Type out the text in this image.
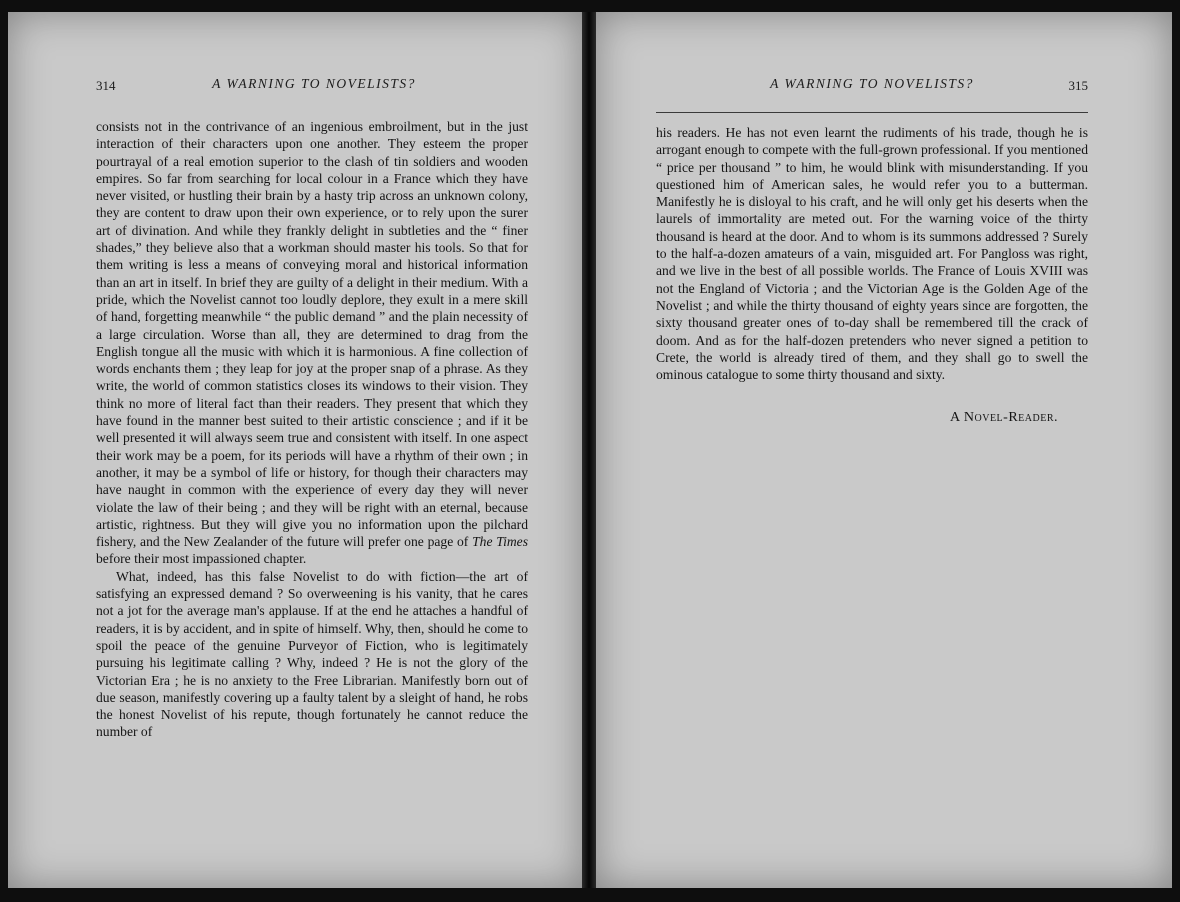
314	A WARNING TO NOVELISTS?

consists not in the contrivance of an ingenious embroilment, but in the just interaction of their characters upon one another. They esteem the proper pourtrayal of a real emotion superior to the clash of tin soldiers and wooden empires. So far from searching for local colour in a France which they have never visited, or hustling their brain by a hasty trip across an unknown colony, they are content to draw upon their own experience, or to rely upon the surer art of divination. And while they frankly delight in subtleties and the “ finer shades,” they believe also that a workman should master his tools. So that for them writing is less a means of conveying moral and historical information than an art in itself. In brief they are guilty of a delight in their medium. With a pride, which the Novelist cannot too loudly deplore, they exult in a mere skill of hand, forgetting meanwhile “ the public demand ” and the plain necessity of a large circulation. Worse than all, they are determined to drag from the English tongue all the music with which it is harmonious. A fine collection of words enchants them ; they leap for joy at the proper snap of a phrase. As they write, the world of common statistics closes its windows to their vision. They think no more of literal fact than their readers. They present that which they have found in the manner best suited to their artistic conscience ; and if it be well presented it will always seem true and consistent with itself. In one aspect their work may be a poem, for its periods will have a rhythm of their own ; in another, it may be a symbol of life or history, for though their characters may have naught in common with the experience of every day they will never violate the law of their being ; and they will be right with an eternal, because artistic, rightness. But they will give you no information upon the pilchard fishery, and the New Zealander of the future will prefer one page of The Times before their most impassioned chapter.

What, indeed, has this false Novelist to do with fiction—the art of satisfying an expressed demand ? So overweening is his vanity, that he cares not a jot for the average man's applause. If at the end he attaches a handful of readers, it is by accident, and in spite of himself. Why, then, should he come to spoil the peace of the genuine Purveyor of Fiction, who is legitimately pursuing his legitimate calling ? Why, indeed ? He is not the glory of the Victorian Era ; he is no anxiety to the Free Librarian. Manifestly born out of due season, manifestly covering up a faulty talent by a sleight of hand, he robs the honest Novelist of his repute, though fortunately he cannot reduce the number of

A WARNING TO NOVELISTS?	315

his readers. He has not even learnt the rudiments of his trade, though he is arrogant enough to compete with the full-grown professional. If you mentioned “ price per thousand ” to him, he would blink with misunderstanding. If you questioned him of American sales, he would refer you to a butterman. Manifestly he is disloyal to his craft, and he will only get his deserts when the laurels of immortality are meted out. For the warning voice of the thirty thousand is heard at the door. And to whom is its summons addressed ? Surely to the half-a-dozen amateurs of a vain, misguided art. For Pangloss was right, and we live in the best of all possible worlds. The France of Louis XVIII was not the England of Victoria ; and the Victorian Age is the Golden Age of the Novelist ; and while the thirty thousand of eighty years since are forgotten, the sixty thousand greater ones of to-day shall be remembered till the crack of doom. And as for the half-dozen pretenders who never signed a petition to Crete, the world is already tired of them, and they shall go to swell the ominous catalogue to some thirty thousand and sixty.

A Novel-Reader.
